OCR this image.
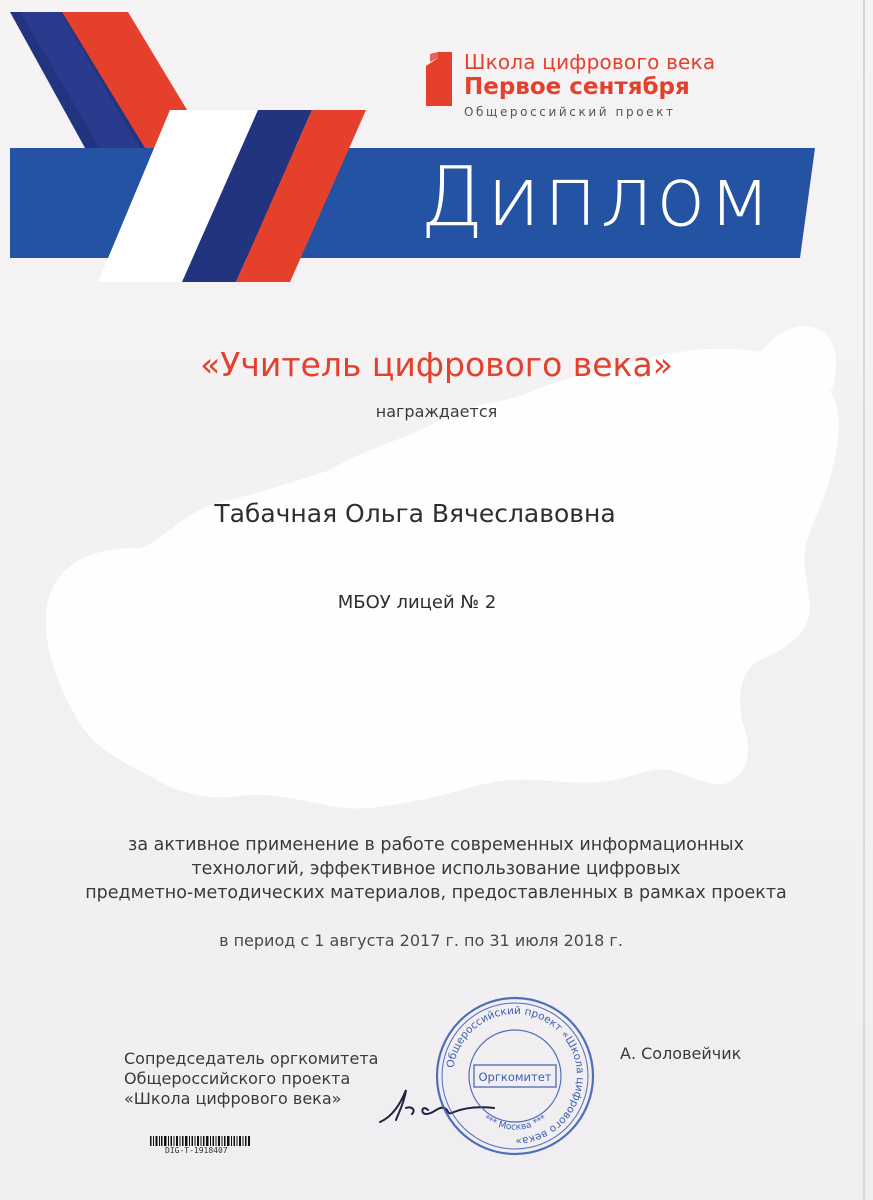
Школа цифрового века
Первое сентября
Общероссийский проект
Диплом
«Учитель цифрового века»
награждается
Табачная Ольга Вячеславовна
МБОУ лицей № 2
за активное применение в работе современных информационных
технологий, эффективное использование цифровых
предметно-методических материалов, предоставленных в рамках проекта
в период с 1 августа 2017 г. по 31 июля 2018 г.
Сопредседатель оргкомитета
Общероссийского проекта
«Школа цифрового века»
Общероссийский проект «Школа цифрового века»
*** Москва ***
Оргкомитет
А. Соловейчик
DIG-T-1918407
